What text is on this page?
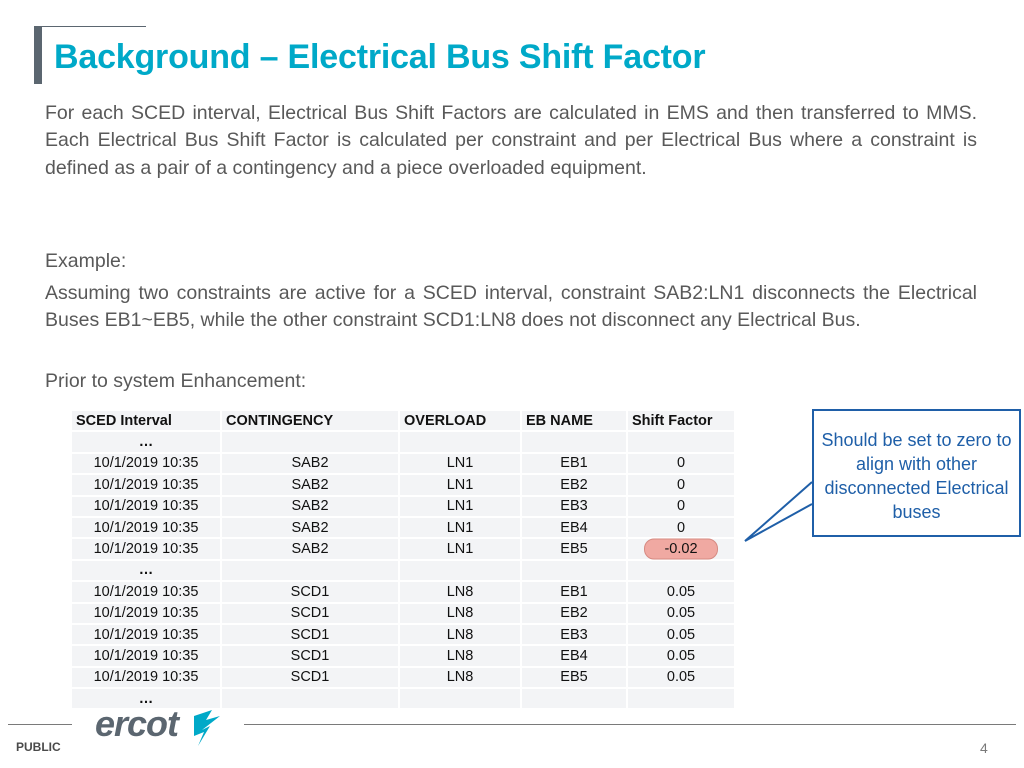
Background – Electrical Bus Shift Factor
For each SCED interval, Electrical Bus Shift Factors are calculated in EMS and then transferred to MMS. Each Electrical Bus Shift Factor is calculated per constraint and per Electrical Bus where a constraint is defined as a pair of a contingency and a piece overloaded equipment.
Example:
Assuming two constraints are active for a SCED interval, constraint SAB2:LN1 disconnects the Electrical Buses EB1~EB5, while the other constraint SCD1:LN8 does not disconnect any Electrical Bus.
Prior to system Enhancement:
SCED Interval	CONTINGENCY	OVERLOAD	EB NAME	Shift Factor
…				
10/1/2019 10:35	SAB2	LN1	EB1	0
10/1/2019 10:35	SAB2	LN1	EB2	0
10/1/2019 10:35	SAB2	LN1	EB3	0
10/1/2019 10:35	SAB2	LN1	EB4	0
10/1/2019 10:35	SAB2	LN1	EB5	-0.02
…				
10/1/2019 10:35	SCD1	LN8	EB1	0.05
10/1/2019 10:35	SCD1	LN8	EB2	0.05
10/1/2019 10:35	SCD1	LN8	EB3	0.05
10/1/2019 10:35	SCD1	LN8	EB4	0.05
10/1/2019 10:35	SCD1	LN8	EB5	0.05
…				
Should be set to zero to align with other disconnected Electrical buses
ercot
PUBLIC	4
